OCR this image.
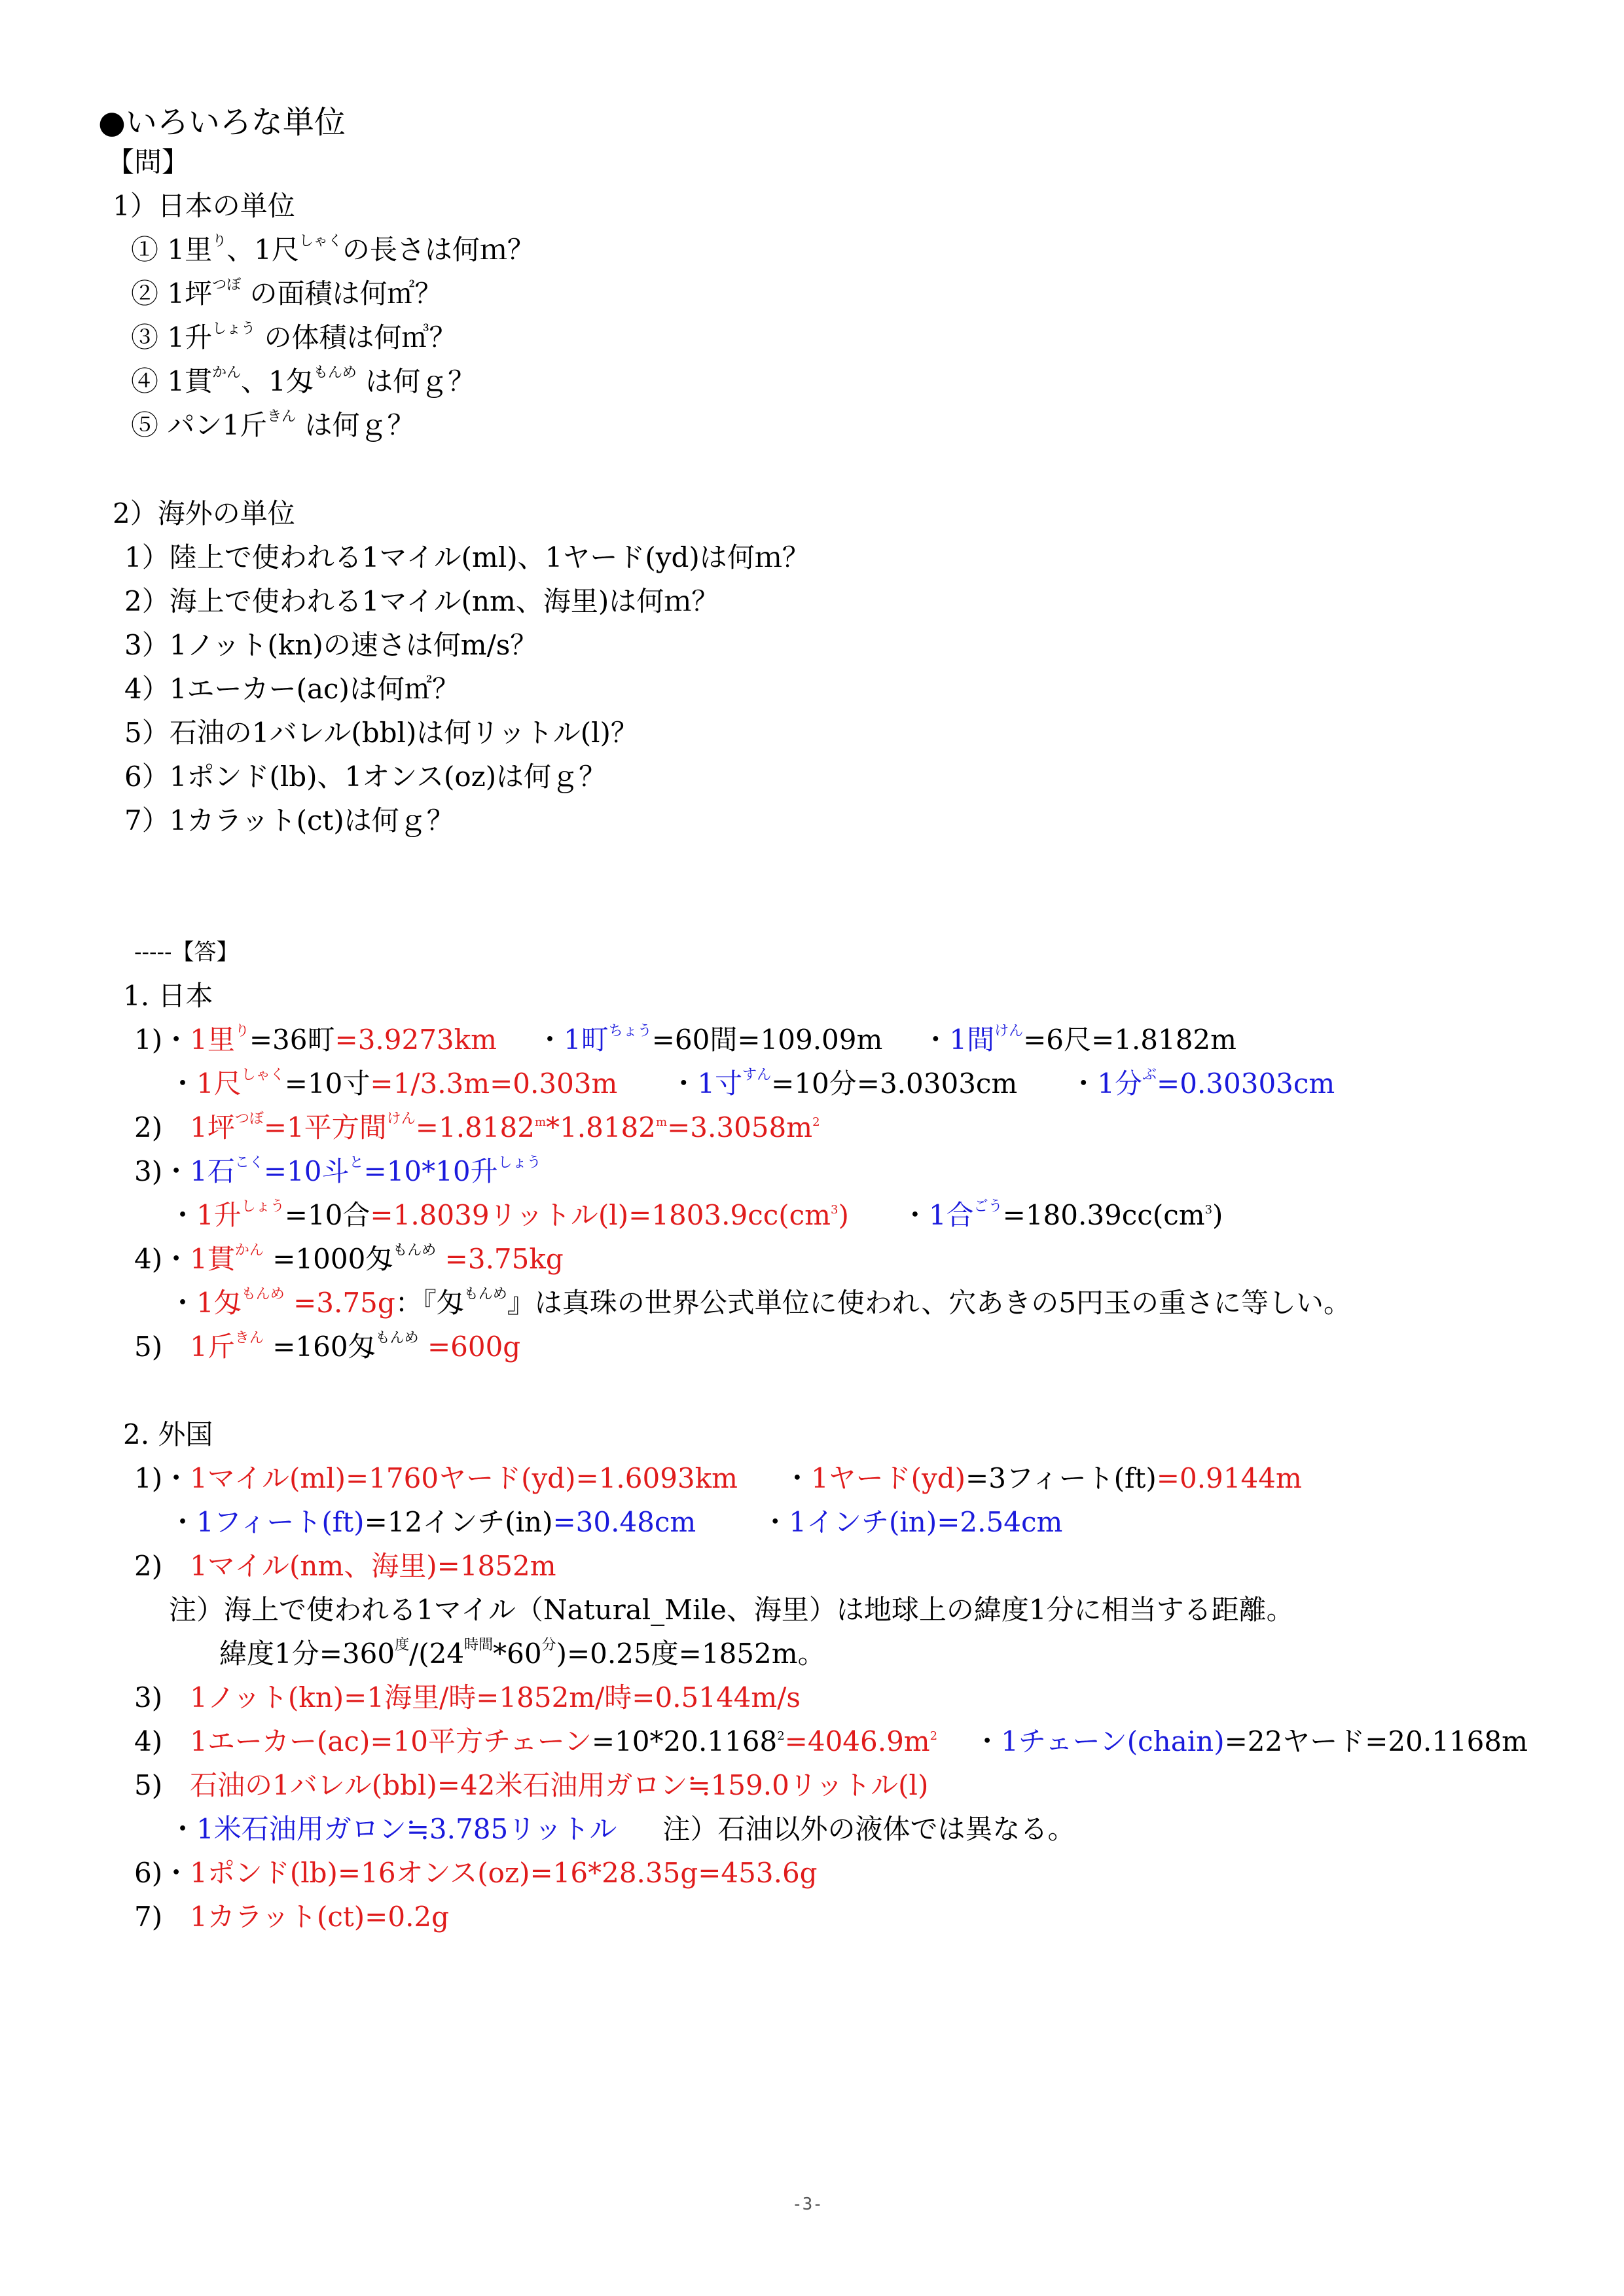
●いろいろな単位
【問】
1）日本の単位
① 1里$^り$、1尺$^{しゃく}$の長さは何ｍ？
② 1坪$^{つぼ}$ の面積は何㎡？
③ 1升$^{しょう}$ の体積は何㎥？
④ 1貫$^{かん}$、1匁$^{もんめ}$ は何ｇ？
⑤ パン1斤$^{きん}$ は何ｇ？
2）海外の単位
1）陸上で使われる1マイル(ml)、1ヤード(yd)は何ｍ？
2）海上で使われる1マイル(nm、海里)は何ｍ？
3）1ノット(kn)の速さは何m/s？
4）1エーカー(ac)は何㎡？
5）石油の1バレル(bbl)は何リットル(l)？
6）1ポンド(lb)、1オンス(oz)は何ｇ？
7）1カラット(ct)は何ｇ？
-----【答】
1. 日本
1)・1里$^り$=36町=3.9273km ・1町$^{ちょう}$=60間=109.09m ・1間$^{けん}$=6尺=1.8182m
・1尺$^{しゃく}$=10寸=1/3.3m=0.303m ・1寸$^{すん}$=10分=3.0303cm ・1分$^ぶ$=0.30303cm
2) 1坪$^{つぼ}$=1平方間$^{けん}=1.8182^m*1.8182^m=3.3058m^2$
3)・1石$^{こく}$=10斗$^と$=10*10升$^{しょう}$
・1升$^{しょう}$=10合=1.8039リットル$(l)=1803.9cc(cm^3)$ ・1合$^{ごう}=180.39cc(cm^3)$
4)・1貫$^{かん}$ =1000匁$^{もんめ}$ =3.75kg
・1匁$^{もんめ}$ =3.75g：『匁$^{もんめ}$』は真珠の世界公式単位に使われ、穴あきの5円玉の重さに等しい。
5) 1斤$^{きん}$ =160匁$^{もんめ}$ =600g
2. 外国
1)・1マイル(ml)=1760ヤード(yd)=1.6093km ・1ヤード(yd)=3フィート(ft)=0.9144m
・1フィート(ft)=12インチ(in)=30.48cm ・1インチ(in)=2.54cm
2) 1マイル(nm、海里)=1852m
注）海上で使われる1マイル（Natural_Mile、海里）は地球上の緯度1分に相当する距離。
緯度1分$=360^度/(24^{時間}*60^分)=0.25$度=1852m。
3) 1ノット(kn)=1海里/時=1852m/時=0.5144m/s
4) 1エーカー(ac)=10平方チェーン$=10*20.1168^2=4046.9m^2$ ・1チェーン(chain)=22ヤード=20.1168m
5) 石油の1バレル(bbl)=42米石油用ガロン≒159.0リットル(l)
・1米石油用ガロン≒3.785リットル 注）石油以外の液体では異なる。
6)・1ポンド(lb)=16オンス(oz)=16*28.35g=453.6g
7) 1カラット(ct)=0.2g
-3-
